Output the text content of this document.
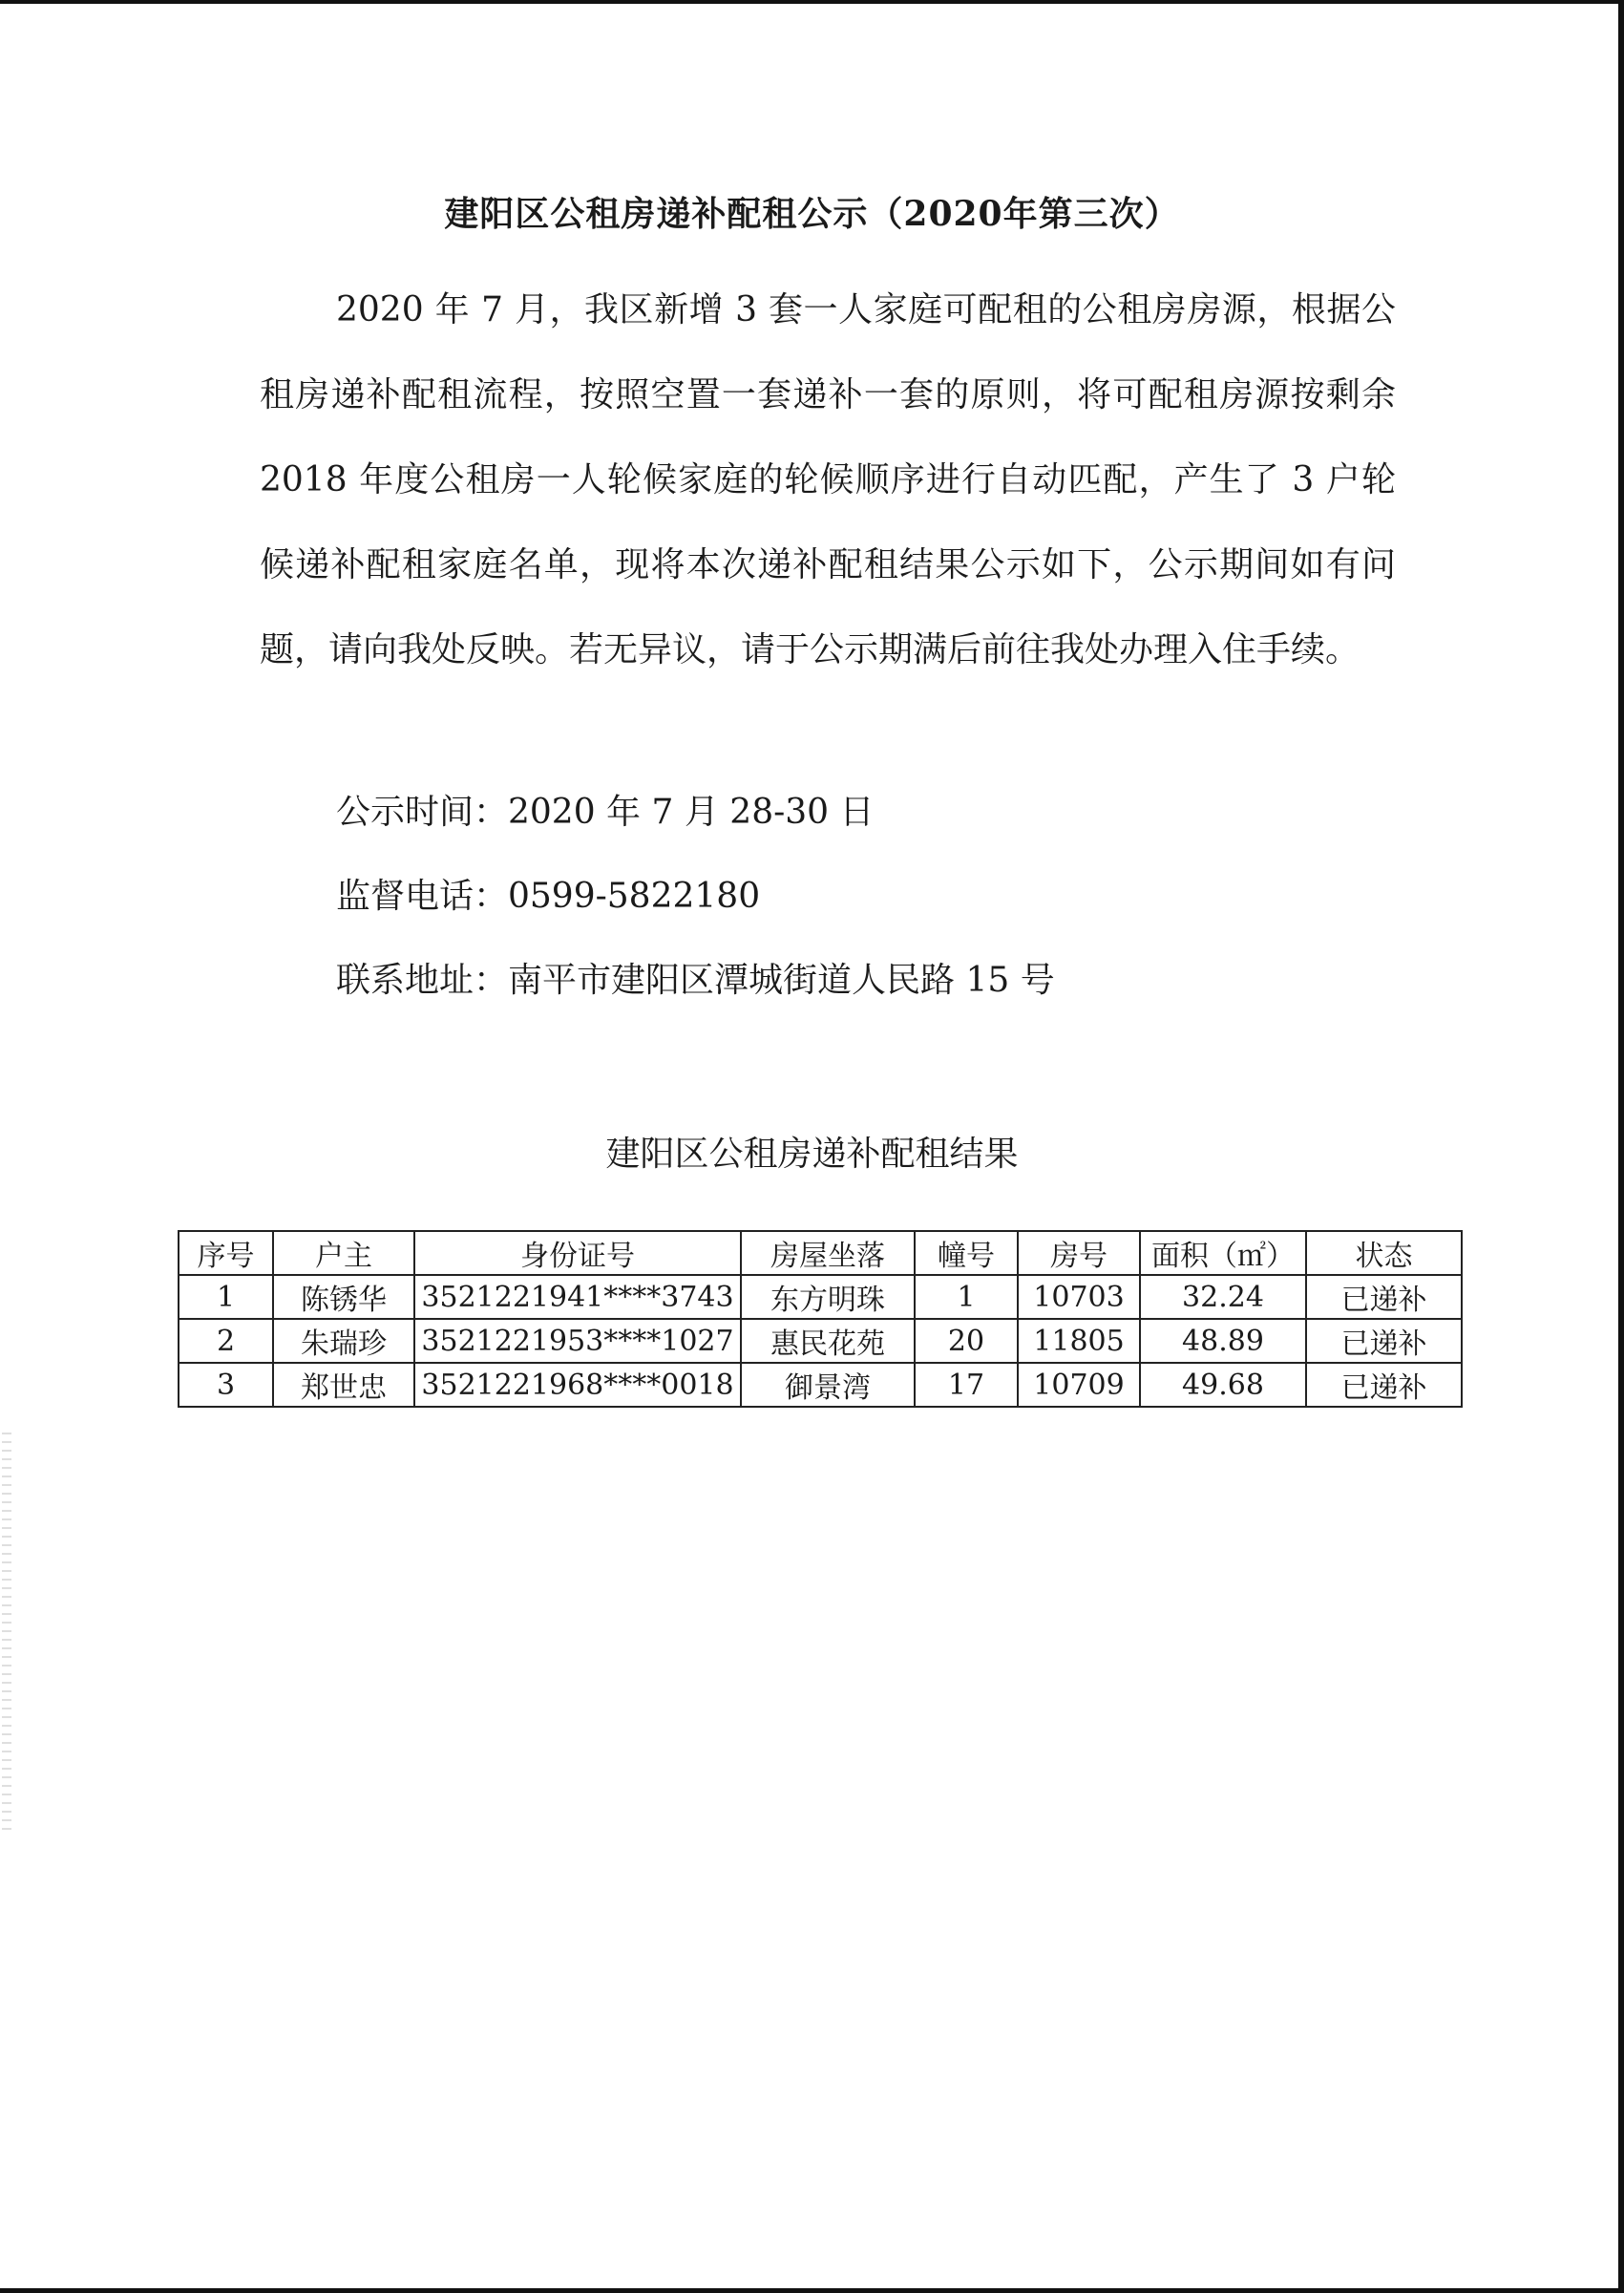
建阳区公租房递补配租公示（2020年第三次）

2020 年 7 月，我区新增 3 套一人家庭可配租的公租房房源，根据公租房递补配租流程，按照空置一套递补一套的原则，将可配租房源按剩余 2018 年度公租房一人轮候家庭的轮候顺序进行自动匹配，产生了 3 户轮候递补配租家庭名单，现将本次递补配租结果公示如下，公示期间如有问题，请向我处反映。若无异议，请于公示期满后前往我处办理入住手续。

公示时间：2020 年 7 月 28-30 日
监督电话：0599-5822180
联系地址：南平市建阳区潭城街道人民路 15 号
建阳区公租房递补配租结果
序号	户主	身份证号	房屋坐落	幢号	房号	面积（㎡）	状态
1	陈锈华	3521221941****3743	东方明珠	1	10703	32.24	已递补
2	朱瑞珍	3521221953****1027	惠民花苑	20	11805	48.89	已递补
3	郑世忠	3521221968****0018	御景湾	17	10709	49.68	已递补
